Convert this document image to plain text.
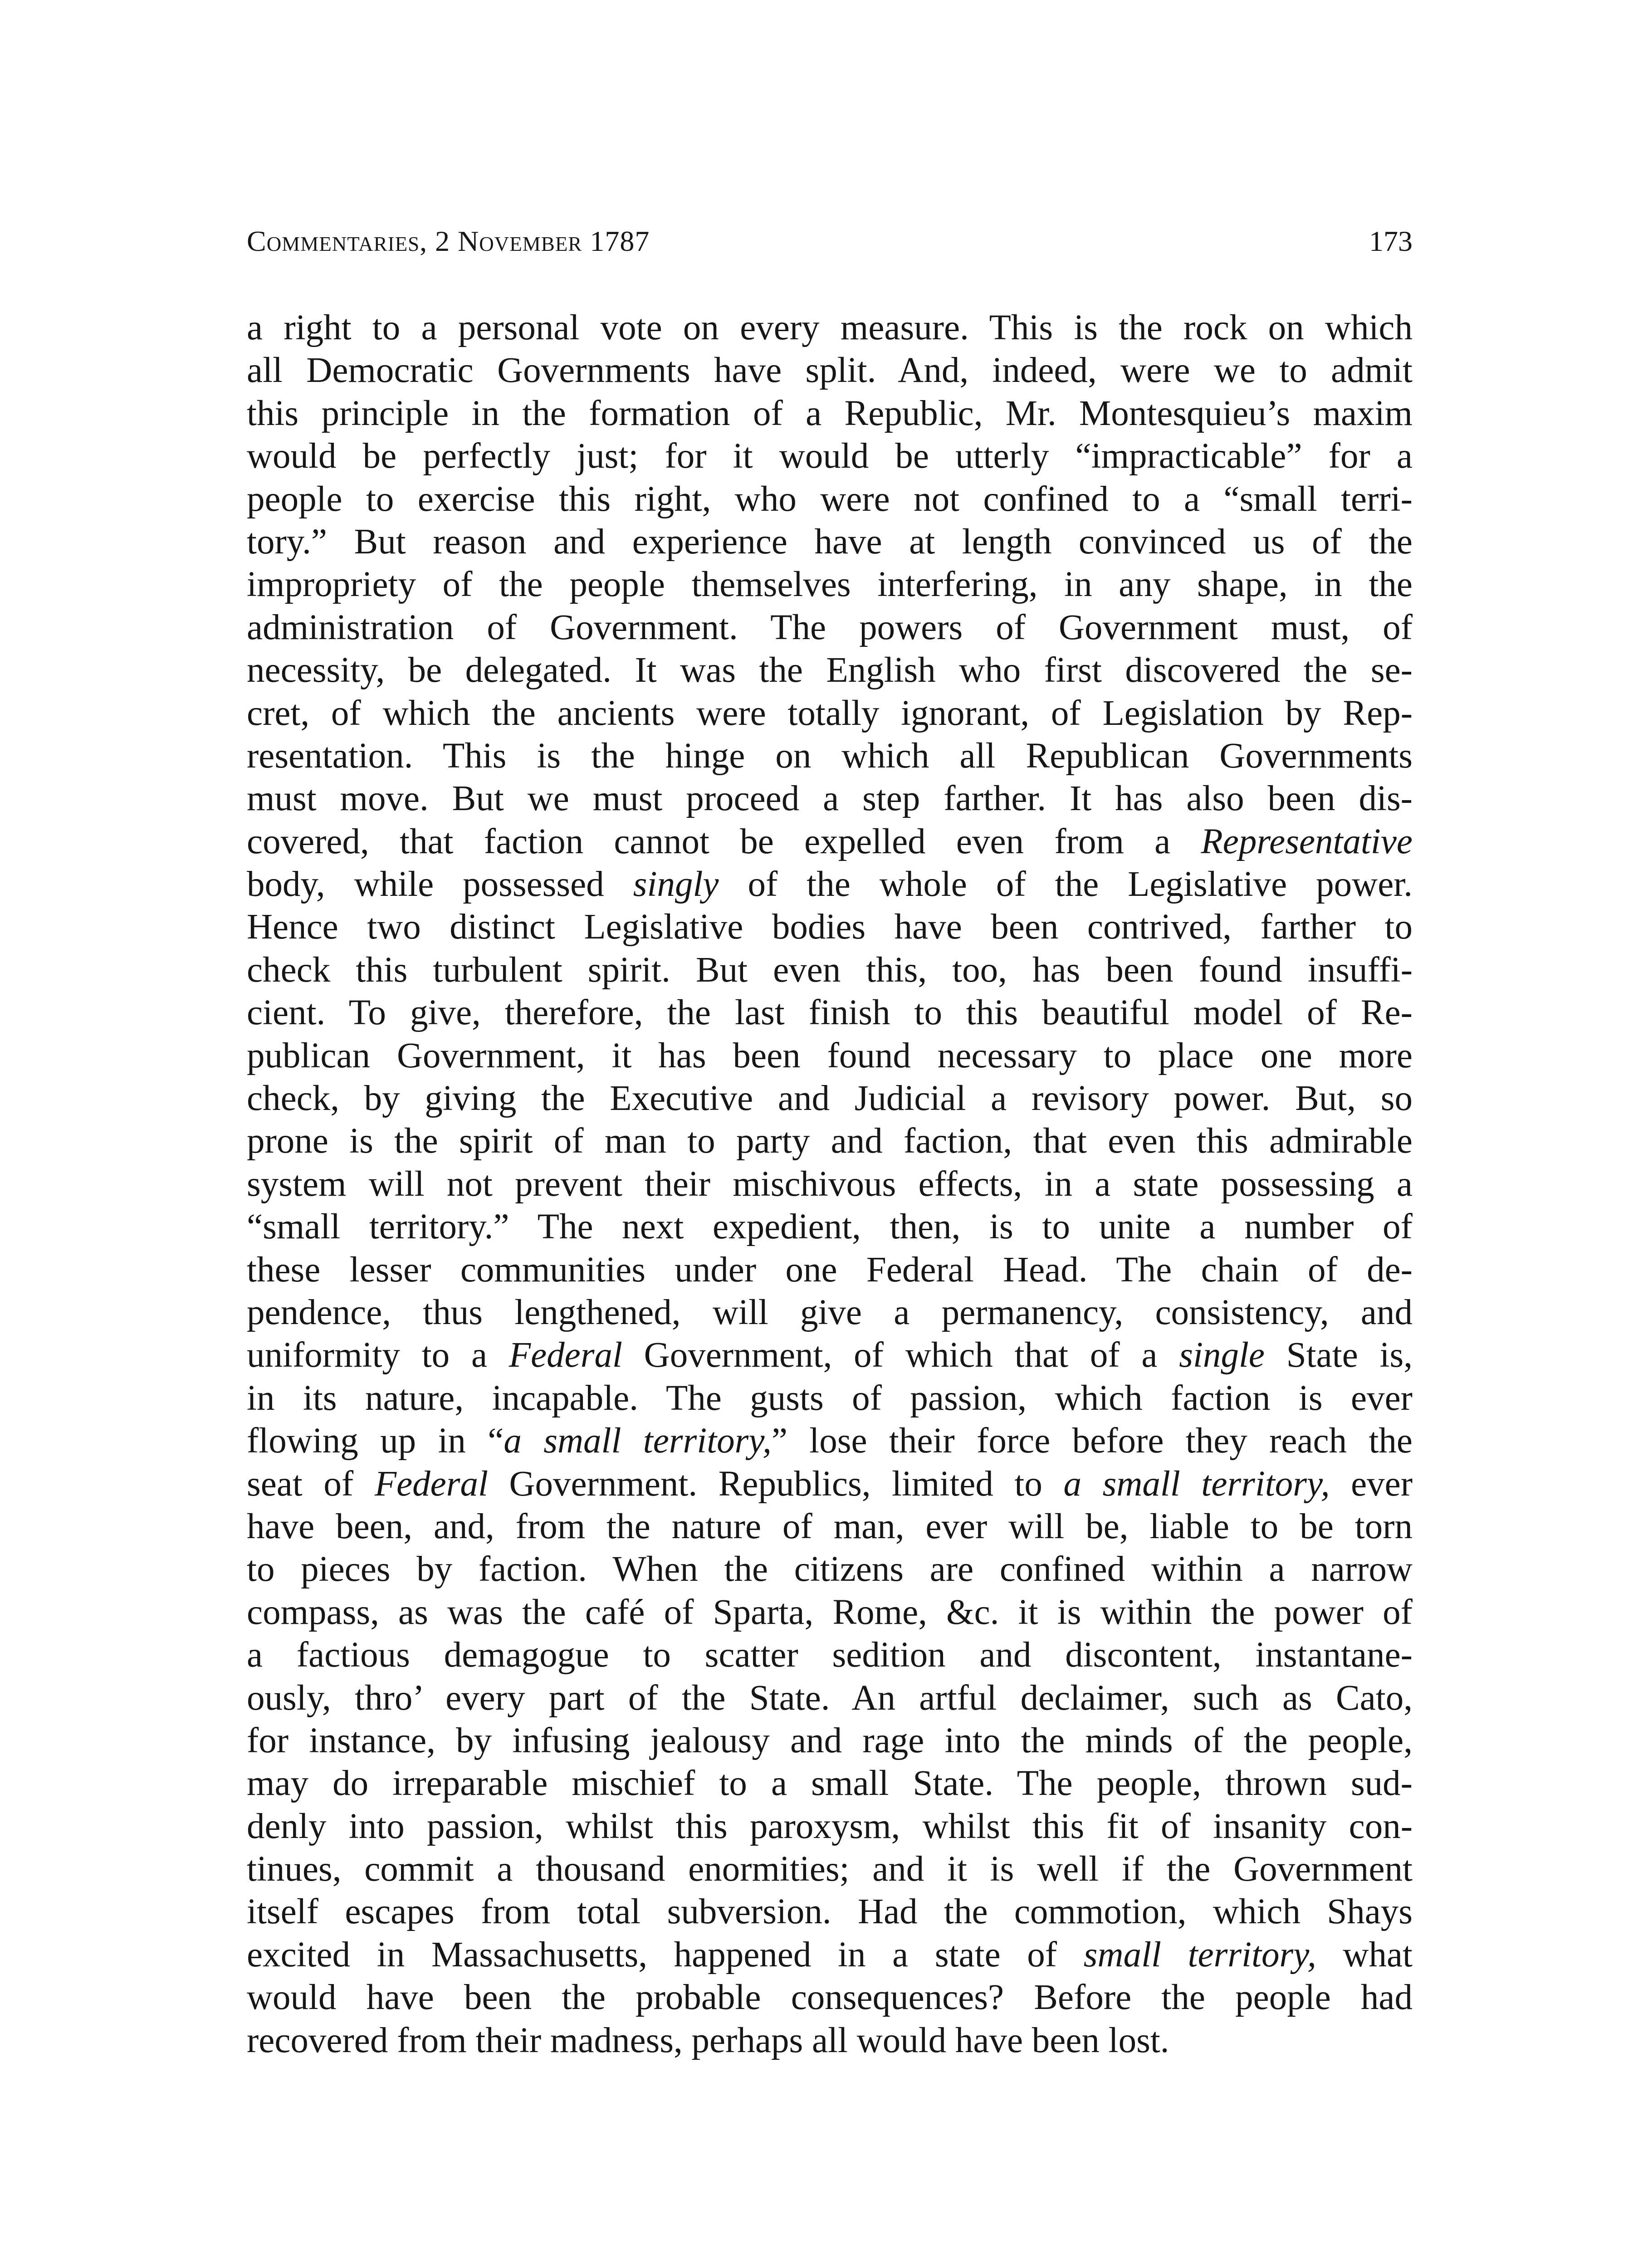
Commentaries, 2 November 1787	173
a right to a personal vote on every measure. This is the rock on which
all Democratic Governments have split. And, indeed, were we to admit
this principle in the formation of a Republic, Mr. Montesquieu’s maxim
would be perfectly just; for it would be utterly “impracticable” for a
people to exercise this right, who were not confined to a “small terri-
tory.” But reason and experience have at length convinced us of the
impropriety of the people themselves interfering, in any shape, in the
administration of Government. The powers of Government must, of
necessity, be delegated. It was the English who first discovered the se-
cret, of which the ancients were totally ignorant, of Legislation by Rep-
resentation. This is the hinge on which all Republican Governments
must move. But we must proceed a step farther. It has also been dis-
covered, that faction cannot be expelled even from a Representative
body, while possessed singly of the whole of the Legislative power.
Hence two distinct Legislative bodies have been contrived, farther to
check this turbulent spirit. But even this, too, has been found insuffi-
cient. To give, therefore, the last finish to this beautiful model of Re-
publican Government, it has been found necessary to place one more
check, by giving the Executive and Judicial a revisory power. But, so
prone is the spirit of man to party and faction, that even this admirable
system will not prevent their mischivous effects, in a state possessing a
“small territory.” The next expedient, then, is to unite a number of
these lesser communities under one Federal Head. The chain of de-
pendence, thus lengthened, will give a permanency, consistency, and
uniformity to a Federal Government, of which that of a single State is,
in its nature, incapable. The gusts of passion, which faction is ever
flowing up in “a small territory,” lose their force before they reach the
seat of Federal Government. Republics, limited to a small territory, ever
have been, and, from the nature of man, ever will be, liable to be torn
to pieces by faction. When the citizens are confined within a narrow
compass, as was the café of Sparta, Rome, &c. it is within the power of
a factious demagogue to scatter sedition and discontent, instantane-
ously, thro’ every part of the State. An artful declaimer, such as Cato,
for instance, by infusing jealousy and rage into the minds of the people,
may do irreparable mischief to a small State. The people, thrown sud-
denly into passion, whilst this paroxysm, whilst this fit of insanity con-
tinues, commit a thousand enormities; and it is well if the Government
itself escapes from total subversion. Had the commotion, which Shays
excited in Massachusetts, happened in a state of small territory, what
would have been the probable consequences? Before the people had
recovered from their madness, perhaps all would have been lost.
